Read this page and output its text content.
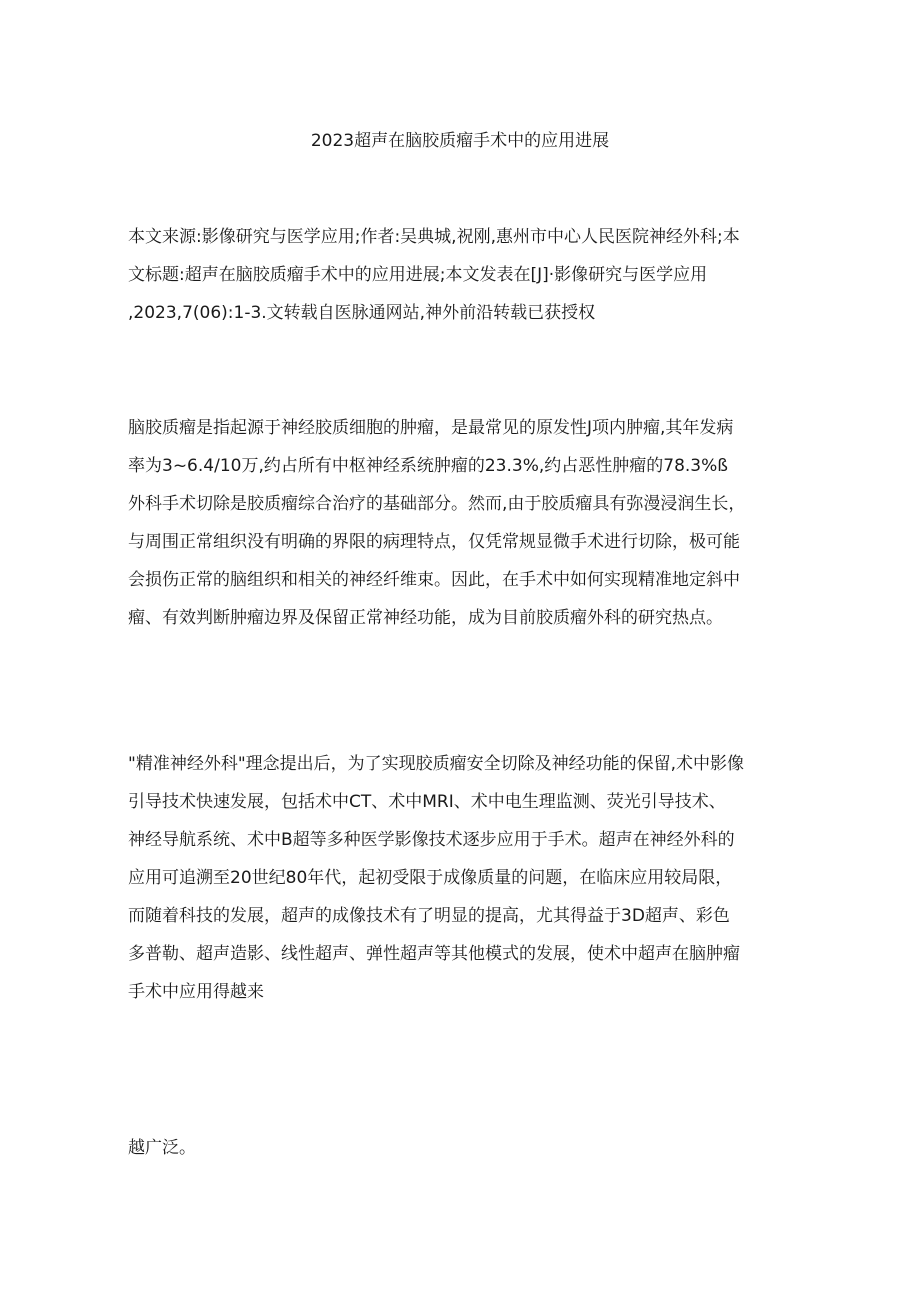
2023超声在脑胶质瘤手术中的应用进展

本文来源:影像研究与医学应用;作者:吴典城,祝刚,惠州市中心人民医院神经外科;本
文标题:超声在脑胶质瘤手术中的应用进展;本文发表在[J]·影像研究与医学应用
,2023,7(06):1-3.文转载自医脉通网站,神外前沿转载已获授权

脑胶质瘤是指起源于神经胶质细胞的肿瘤，是最常见的原发性J项内肿瘤,其年发病
率为3~6.4/10万,约占所有中枢神经系统肿瘤的23.3%,约占恶性肿瘤的78.3%ß
外科手术切除是胶质瘤综合治疗的基础部分。然而,由于胶质瘤具有弥漫浸润生长，
与周围正常组织没有明确的界限的病理特点，仅凭常规显微手术进行切除，极可能
会损伤正常的脑组织和相关的神经纤维束。因此，在手术中如何实现精准地定斜中
瘤、有效判断肿瘤边界及保留正常神经功能，成为目前胶质瘤外科的研究热点。

"精准神经外科"理念提出后，为了实现胶质瘤安全切除及神经功能的保留,术中影像
引导技术快速发展，包括术中CT、术中MRI、术中电生理监测、荧光引导技术、
神经导航系统、术中B超等多种医学影像技术逐步应用于手术。超声在神经外科的
应用可追溯至20世纪80年代，起初受限于成像质量的问题，在临床应用较局限，
而随着科技的发展，超声的成像技术有了明显的提高，尤其得益于3D超声、彩色
多普勒、超声造影、线性超声、弹性超声等其他模式的发展，使术中超声在脑肿瘤
手术中应用得越来

越广泛。
